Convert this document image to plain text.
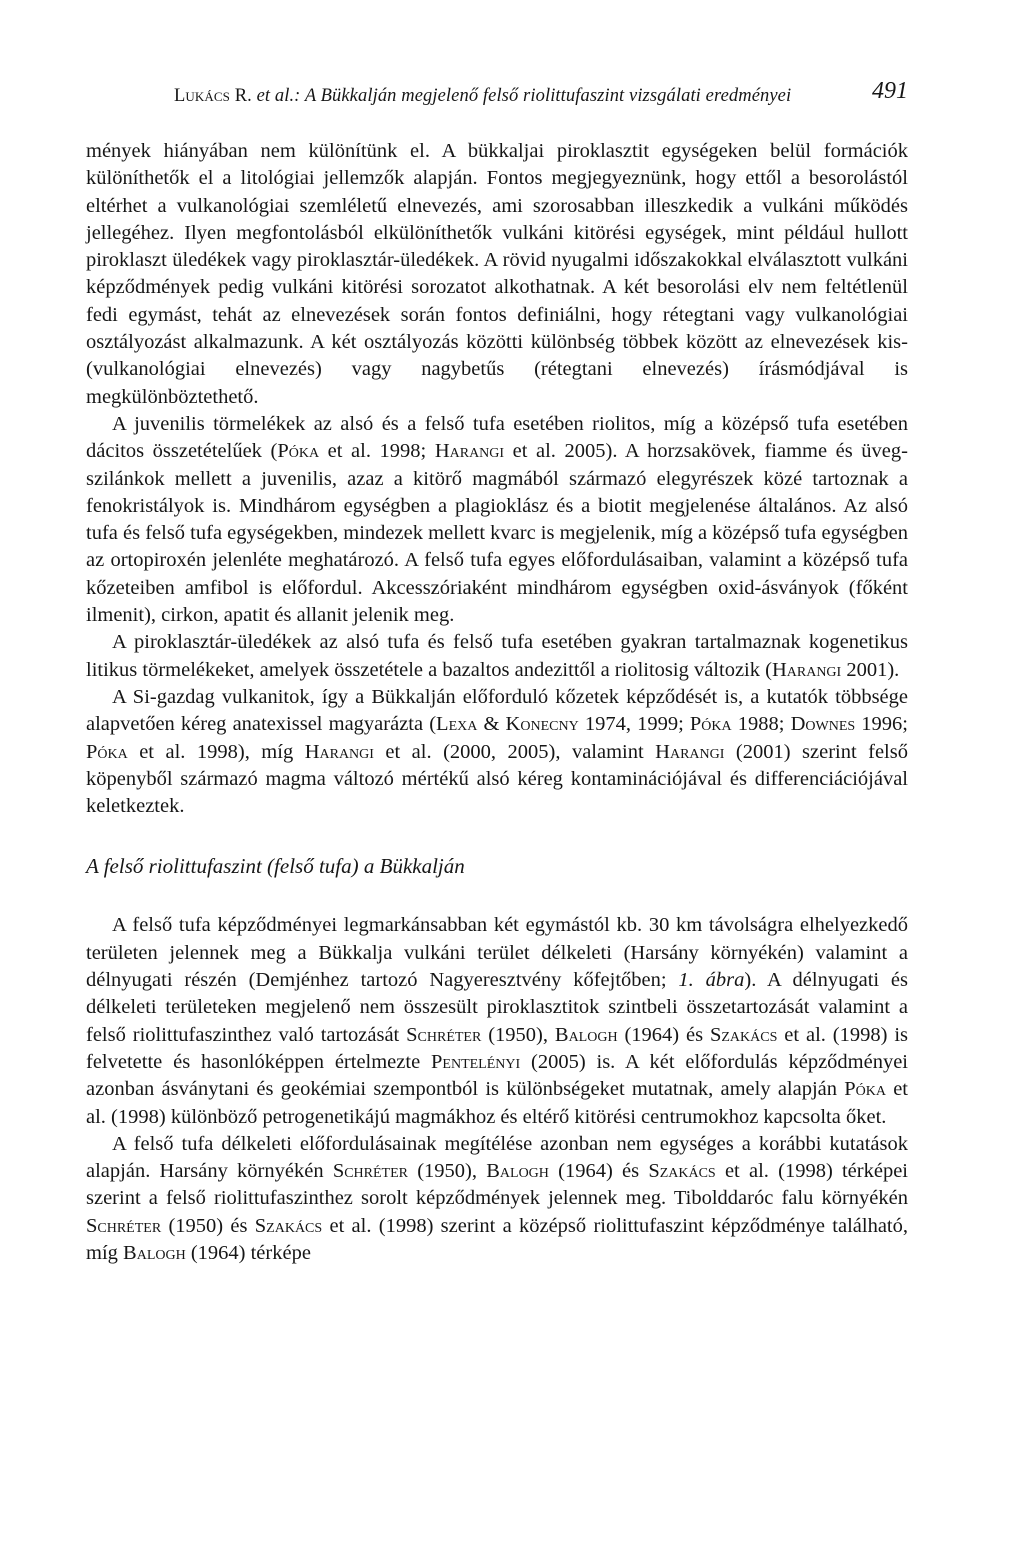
Lukács R. et al.: A Bükkalján megjelenő felső riolittufaszint vizsgálati eredményei	491

mények hiányában nem különítünk el. A bükkaljai piroklasztit egységeken belül formációk különíthetők el a litológiai jellemzők alapján. Fontos megjegyeznünk, hogy ettől a besorolástól eltérhet a vulkanológiai szemléletű elnevezés, ami szorosabban illeszkedik a vulkáni működés jellegéhez. Ilyen megfontolásból elkülöníthetők vulkáni kitörési egységek, mint például hullott piroklaszt üledékek vagy piroklasztár-üledékek. A rövid nyugalmi időszakokkal elválasztott vulkáni képződmények pedig vulkáni kitörési sorozatot alkothatnak. A két besorolási elv nem feltétlenül fedi egymást, tehát az elnevezések során fontos definiálni, hogy rétegtani vagy vulkanológiai osztályozást alkalmazunk. A két osztályozás közötti különbség többek között az elnevezések kis- (vulkanológiai elnevezés) vagy nagybetűs (rétegtani elnevezés) írásmódjával is megkülönböztethető.

A juvenilis törmelékek az alsó és a felső tufa esetében riolitos, míg a középső tufa esetében dácitos összetételűek (Póka et al. 1998; Harangi et al. 2005). A horzsakövek, fiamme és üvegszilánkok mellett a juvenilis, azaz a kitörő magmából származó elegyrészek közé tartoznak a fenokristályok is. Mindhárom egységben a plagioklász és a biotit megjelenése általános. Az alsó tufa és felső tufa egységekben, mindezek mellett kvarc is megjelenik, míg a középső tufa egységben az ortopiroxén jelenléte meghatározó. A felső tufa egyes előfordulásaiban, valamint a középső tufa kőzeteiben amfibol is előfordul. Akcesszóriaként mindhárom egységben oxid-ásványok (főként ilmenit), cirkon, apatit és allanit jelenik meg.

A piroklasztár-üledékek az alsó tufa és felső tufa esetében gyakran tartalmaznak kogenetikus litikus törmelékeket, amelyek összetétele a bazaltos andezittől a riolitosig változik (Harangi 2001).

A Si-gazdag vulkanitok, így a Bükkalján előforduló kőzetek képződését is, a kutatók többsége alapvetően kéreg anatexissel magyarázta (Lexa & Konecny 1974, 1999; Póka 1988; Downes 1996; Póka et al. 1998), míg Harangi et al. (2000, 2005), valamint Harangi (2001) szerint felső köpenyből származó magma változó mértékű alsó kéreg kontaminációjával és differenciációjával keletkeztek.

A felső riolittufaszint (felső tufa) a Bükkalján

A felső tufa képződményei legmarkánsabban két egymástól kb. 30 km távolságra elhelyezkedő területen jelennek meg a Bükkalja vulkáni terület délkeleti (Harsány környékén) valamint a délnyugati részén (Demjénhez tartozó Nagyeresztvény kőfejtőben; 1. ábra). A délnyugati és délkeleti területeken megjelenő nem összesült piroklasztitok szintbeli összetartozását valamint a felső riolittufaszinthez való tartozását Schréter (1950), Balogh (1964) és Szakács et al. (1998) is felvetette és hasonlóképpen értelmezte Pentelényi (2005) is. A két előfordulás képződményei azonban ásványtani és geokémiai szempontból is különbségeket mutatnak, amely alapján Póka et al. (1998) különböző petrogenetikájú magmákhoz és eltérő kitörési centrumokhoz kapcsolta őket.

A felső tufa délkeleti előfordulásainak megítélése azonban nem egységes a korábbi kutatások alapján. Harsány környékén Schréter (1950), Balogh (1964) és Szakács et al. (1998) térképei szerint a felső riolittufaszinthez sorolt képződmények jelennek meg. Tibolddaróc falu környékén Schréter (1950) és Szakács et al. (1998) szerint a középső riolittufaszint képződménye található, míg Balogh (1964) térképe
